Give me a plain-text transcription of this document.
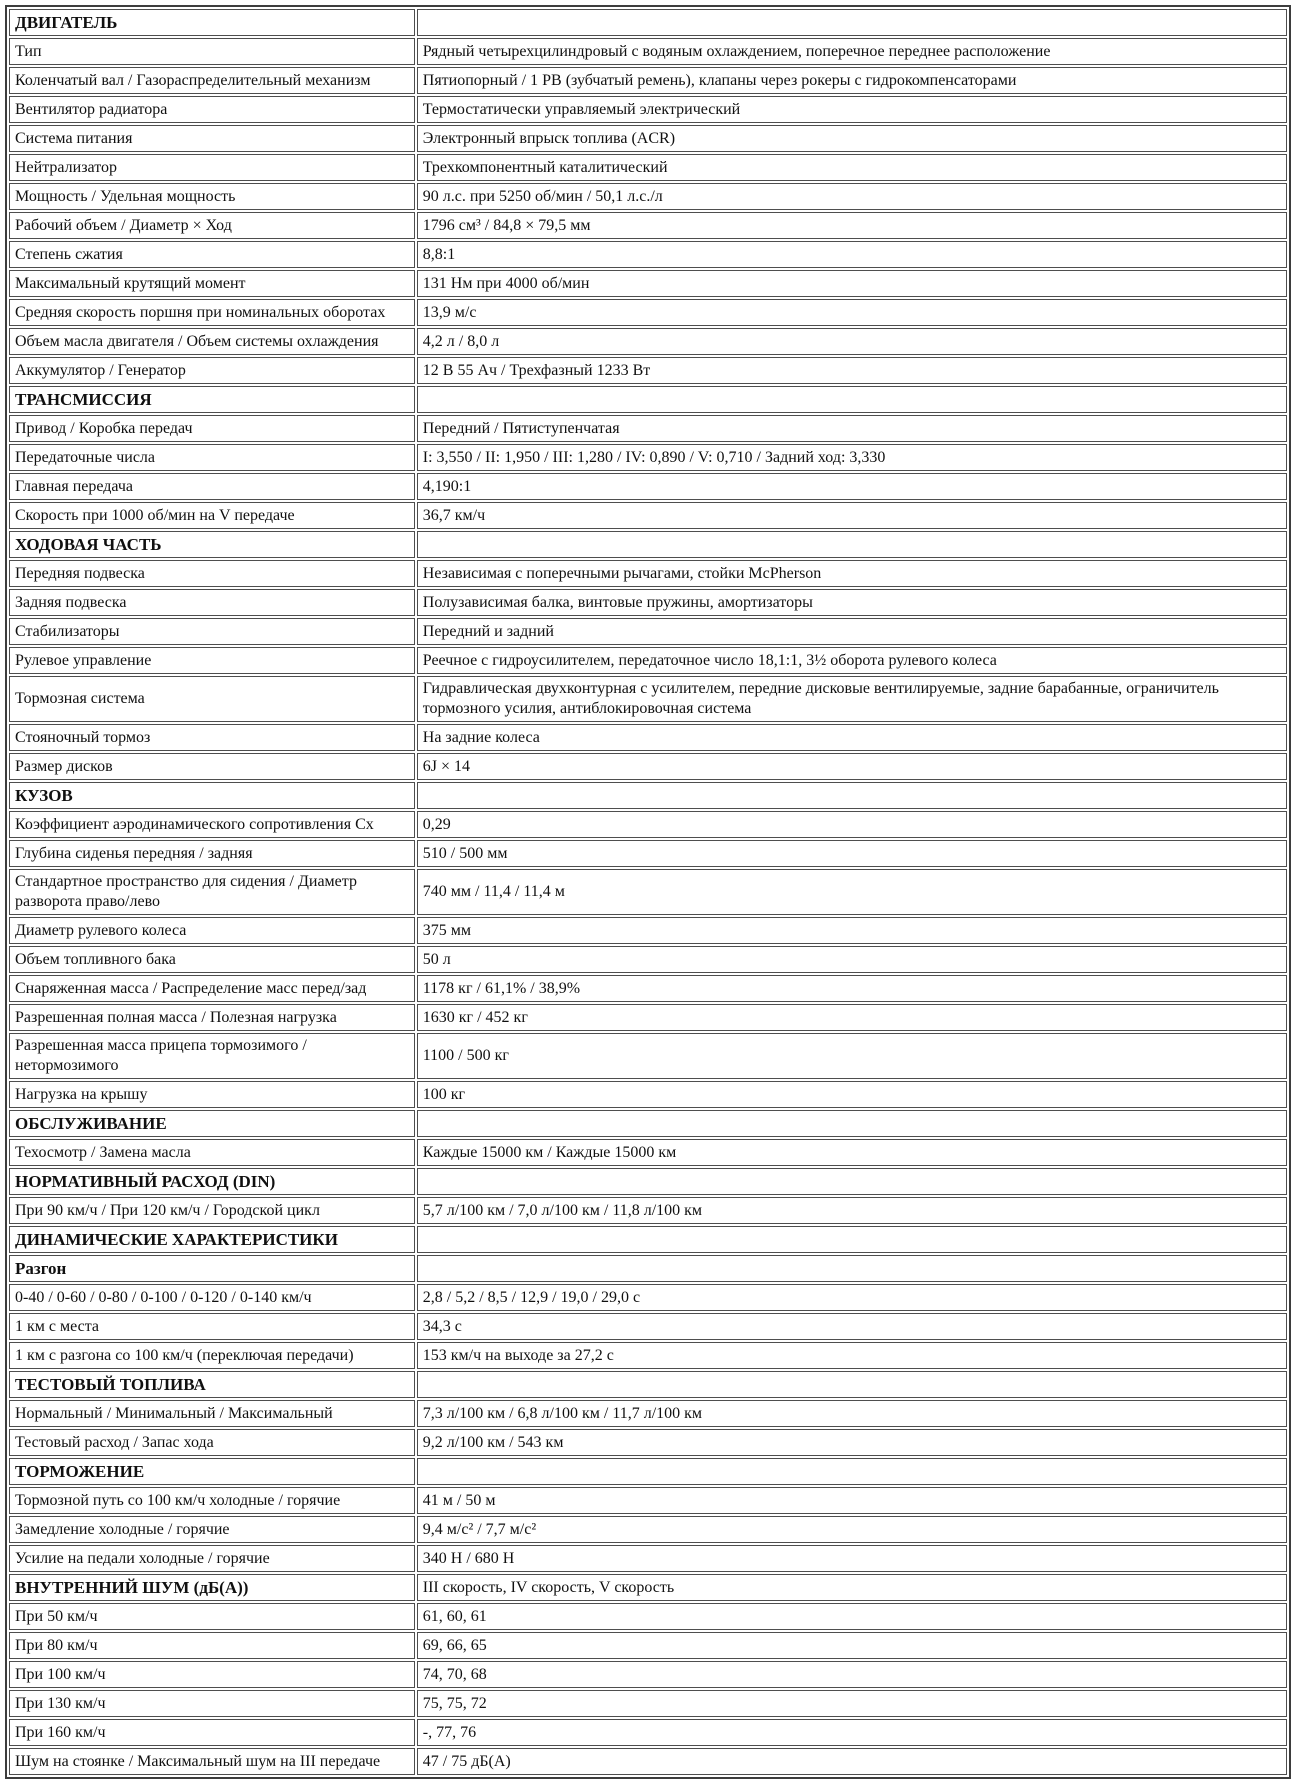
ДВИГАТЕЛЬ	
Тип	Рядный четырехцилиндровый с водяным охлаждением, поперечное переднее расположение
Коленчатый вал / Газораспределительный механизм	Пятиопорный / 1 РВ (зубчатый ремень), клапаны через рокеры с гидрокомпенсаторами
Вентилятор радиатора	Термостатически управляемый электрический
Система питания	Электронный впрыск топлива (ACR)
Нейтрализатор	Трехкомпонентный каталитический
Мощность / Удельная мощность	90 л.с. при 5250 об/мин / 50,1 л.с./л
Рабочий объем / Диаметр × Ход	1796 см³ / 84,8 × 79,5 мм
Степень сжатия	8,8:1
Максимальный крутящий момент	131 Нм при 4000 об/мин
Средняя скорость поршня при номинальных оборотах	13,9 м/с
Объем масла двигателя / Объем системы охлаждения	4,2 л / 8,0 л
Аккумулятор / Генератор	12 В 55 Ач / Трехфазный 1233 Вт
ТРАНСМИССИЯ	
Привод / Коробка передач	Передний / Пятиступенчатая
Передаточные числа	I: 3,550 / II: 1,950 / III: 1,280 / IV: 0,890 / V: 0,710 / Задний ход: 3,330
Главная передача	4,190:1
Скорость при 1000 об/мин на V передаче	36,7 км/ч
ХОДОВАЯ ЧАСТЬ	
Передняя подвеска	Независимая с поперечными рычагами, стойки McPherson
Задняя подвеска	Полузависимая балка, винтовые пружины, амортизаторы
Стабилизаторы	Передний и задний
Рулевое управление	Реечное с гидроусилителем, передаточное число 18,1:1, 3½ оборота рулевого колеса
Тормозная система	Гидравлическая двухконтурная с усилителем, передние дисковые вентилируемые, задние барабанные, ограничитель тормозного усилия, антиблокировочная система
Стояночный тормоз	На задние колеса
Размер дисков	6J × 14
КУЗОВ	
Коэффициент аэродинамического сопротивления Сх	0,29
Глубина сиденья передняя / задняя	510 / 500 мм
Стандартное пространство для сидения / Диаметр разворота право/лево	740 мм / 11,4 / 11,4 м
Диаметр рулевого колеса	375 мм
Объем топливного бака	50 л
Снаряженная масса / Распределение масс перед/зад	1178 кг / 61,1% / 38,9%
Разрешенная полная масса / Полезная нагрузка	1630 кг / 452 кг
Разрешенная масса прицепа тормозимого / нетормозимого	1100 / 500 кг
Нагрузка на крышу	100 кг
ОБСЛУЖИВАНИЕ	
Техосмотр / Замена масла	Каждые 15000 км / Каждые 15000 км
НОРМАТИВНЫЙ РАСХОД (DIN)	
При 90 км/ч / При 120 км/ч / Городской цикл	5,7 л/100 км / 7,0 л/100 км / 11,8 л/100 км
ДИНАМИЧЕСКИЕ ХАРАКТЕРИСТИКИ	
Разгон	
0-40 / 0-60 / 0-80 / 0-100 / 0-120 / 0-140 км/ч	2,8 / 5,2 / 8,5 / 12,9 / 19,0 / 29,0 с
1 км с места	34,3 с
1 км с разгона со 100 км/ч (переключая передачи)	153 км/ч на выходе за 27,2 с
ТЕСТОВЫЙ ТОПЛИВА	
Нормальный / Минимальный / Максимальный	7,3 л/100 км / 6,8 л/100 км / 11,7 л/100 км
Тестовый расход / Запас хода	9,2 л/100 км / 543 км
ТОРМОЖЕНИЕ	
Тормозной путь со 100 км/ч холодные / горячие	41 м / 50 м
Замедление холодные / горячие	9,4 м/с² / 7,7 м/с²
Усилие на педали холодные / горячие	340 Н / 680 Н
ВНУТРЕННИЙ ШУМ (дБ(А))	III скорость, IV скорость, V скорость
При 50 км/ч	61, 60, 61
При 80 км/ч	69, 66, 65
При 100 км/ч	74, 70, 68
При 130 км/ч	75, 75, 72
При 160 км/ч	-, 77, 76
Шум на стоянке / Максимальный шум на III передаче	47 / 75 дБ(А)
